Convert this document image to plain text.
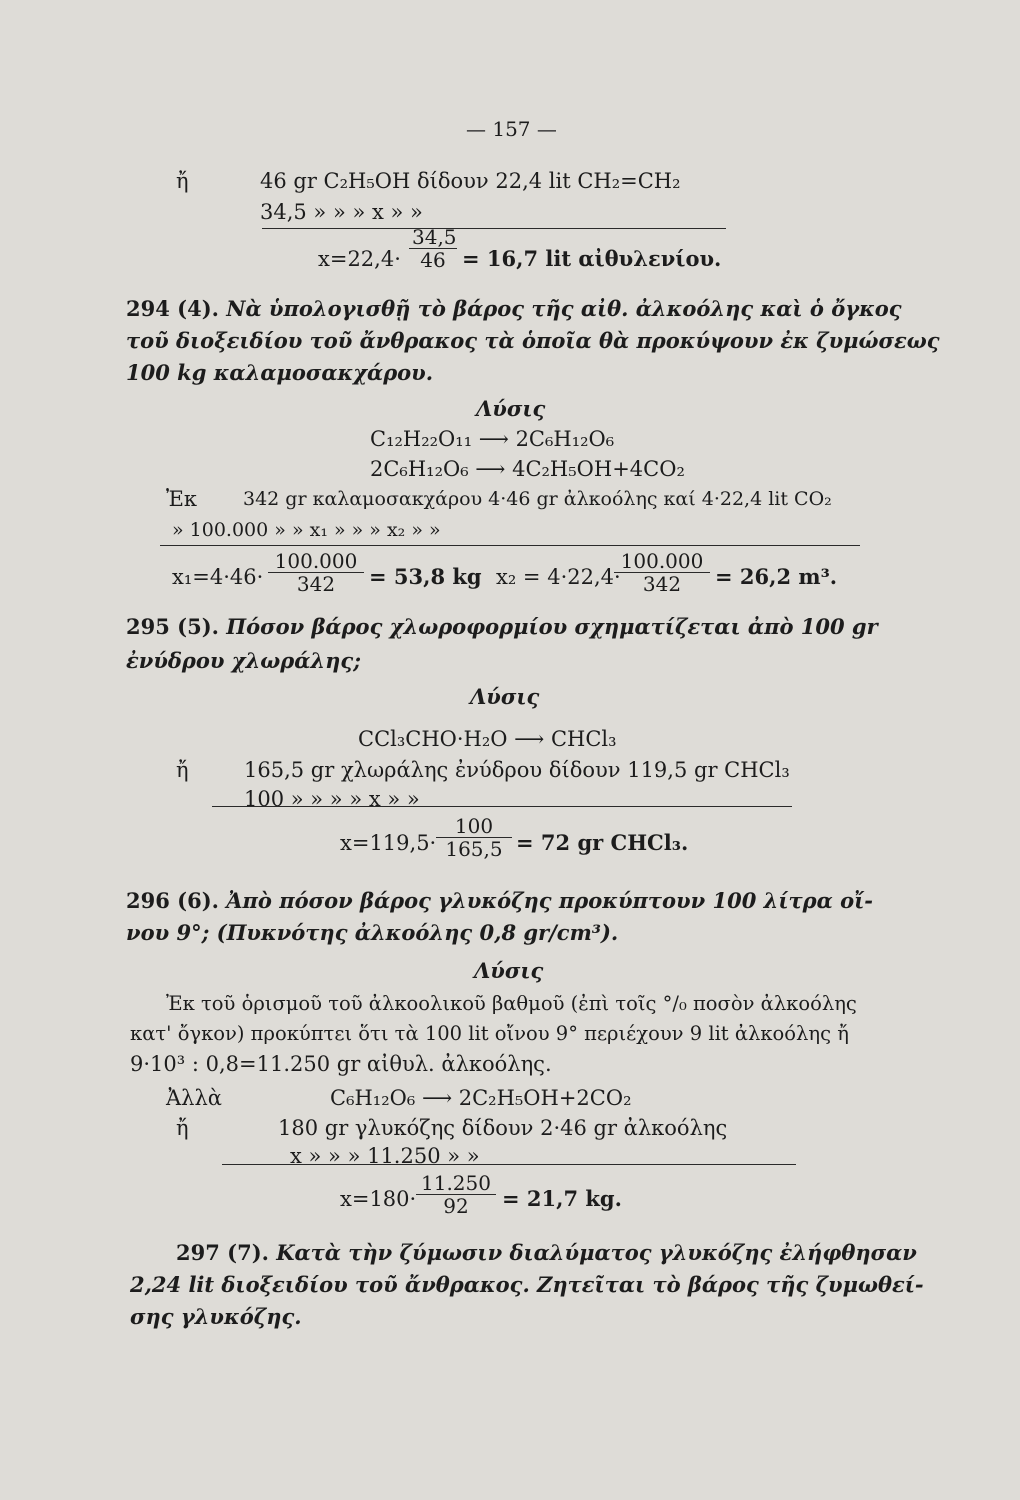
— 157 —
ἤ	46 gr C₂H₅OH δίδουν 22,4 lit CH₂=CH₂
34,5 » » » x » »
$x=22,4\cdot \frac{34,5}{46} = 16,7$ lit αἰθυλενίου.
294 (4). Νὰ ὑπολογισθῇ τὸ βάρος τῆς αἰθ. ἀλκοόλης καὶ ὁ ὄγκος
τοῦ διοξειδίου τοῦ ἄνθρακος τὰ ὁποῖα θὰ προκύψουν ἐκ ζυμώσεως
100 kg καλαμοσακχάρου.
Λύσις
C₁₂H₂₂O₁₁ ⟶ 2C₆H₁₂O₆
2C₆H₁₂O₆ ⟶ 4C₂H₅OH+4CO₂
Ἐκ 342 gr καλαμοσακχάρου 4·46 gr ἀλκοόλης καί 4·22,4 lit CO₂
» 100.000 » » x₁ » » » x₂ » »
$x_1=4\cdot 46\cdot \frac{100.000}{342} = 53,8$ kg x₂ = 4·22,4·
$\frac{100.000}{342} = 26,2$ m³.
295 (5). Πόσον βάρος χλωροφορμίου σχηματίζεται ἀπὸ 100 gr
ἐνύδρου χλωράλης;
Λύσις
CCl₃CHO·H₂O ⟶ CHCl₃
ἤ	165,5 gr χλωράλης ἐνύδρου δίδουν 119,5 gr CHCl₃
100 » » » » x » »
$x=119,5\cdot \frac{100}{165,5} = 72$ gr CHCl₃.
296 (6). Ἀπὸ πόσον βάρος γλυκόζης προκύπτουν 100 λίτρα οἴ-
νου 9°; (Πυκνότης ἀλκοόλης 0,8 gr/cm³).
Λύσις
Ἐκ τοῦ ὁρισμοῦ τοῦ ἀλκοολικοῦ βαθμοῦ (ἐπὶ τοῖς °/₀ ποσὸν ἀλκοόλης
κατ' ὄγκον) προκύπτει ὅτι τὰ 100 lit οἴνου 9° περιέχουν 9 lit ἀλκοόλης ἤ
9·10³ : 0,8=11.250 gr αἰθυλ. ἀλκοόλης.
Ἀλλὰ	C₆H₁₂O₆ ⟶ 2C₂H₅OH+2CO₂
ἤ	180 gr γλυκόζης δίδουν 2·46 gr ἀλκοόλης
x » » » 11.250 » »
$x=180\cdot \frac{11.250}{92} = 21,7$ kg.
297 (7). Κατὰ τὴν ζύμωσιν διαλύματος γλυκόζης ἐλήφθησαν
2,24 lit διοξειδίου τοῦ ἄνθρακος. Ζητεῖται τὸ βάρος τῆς ζυμωθεί-
σης γλυκόζης.
